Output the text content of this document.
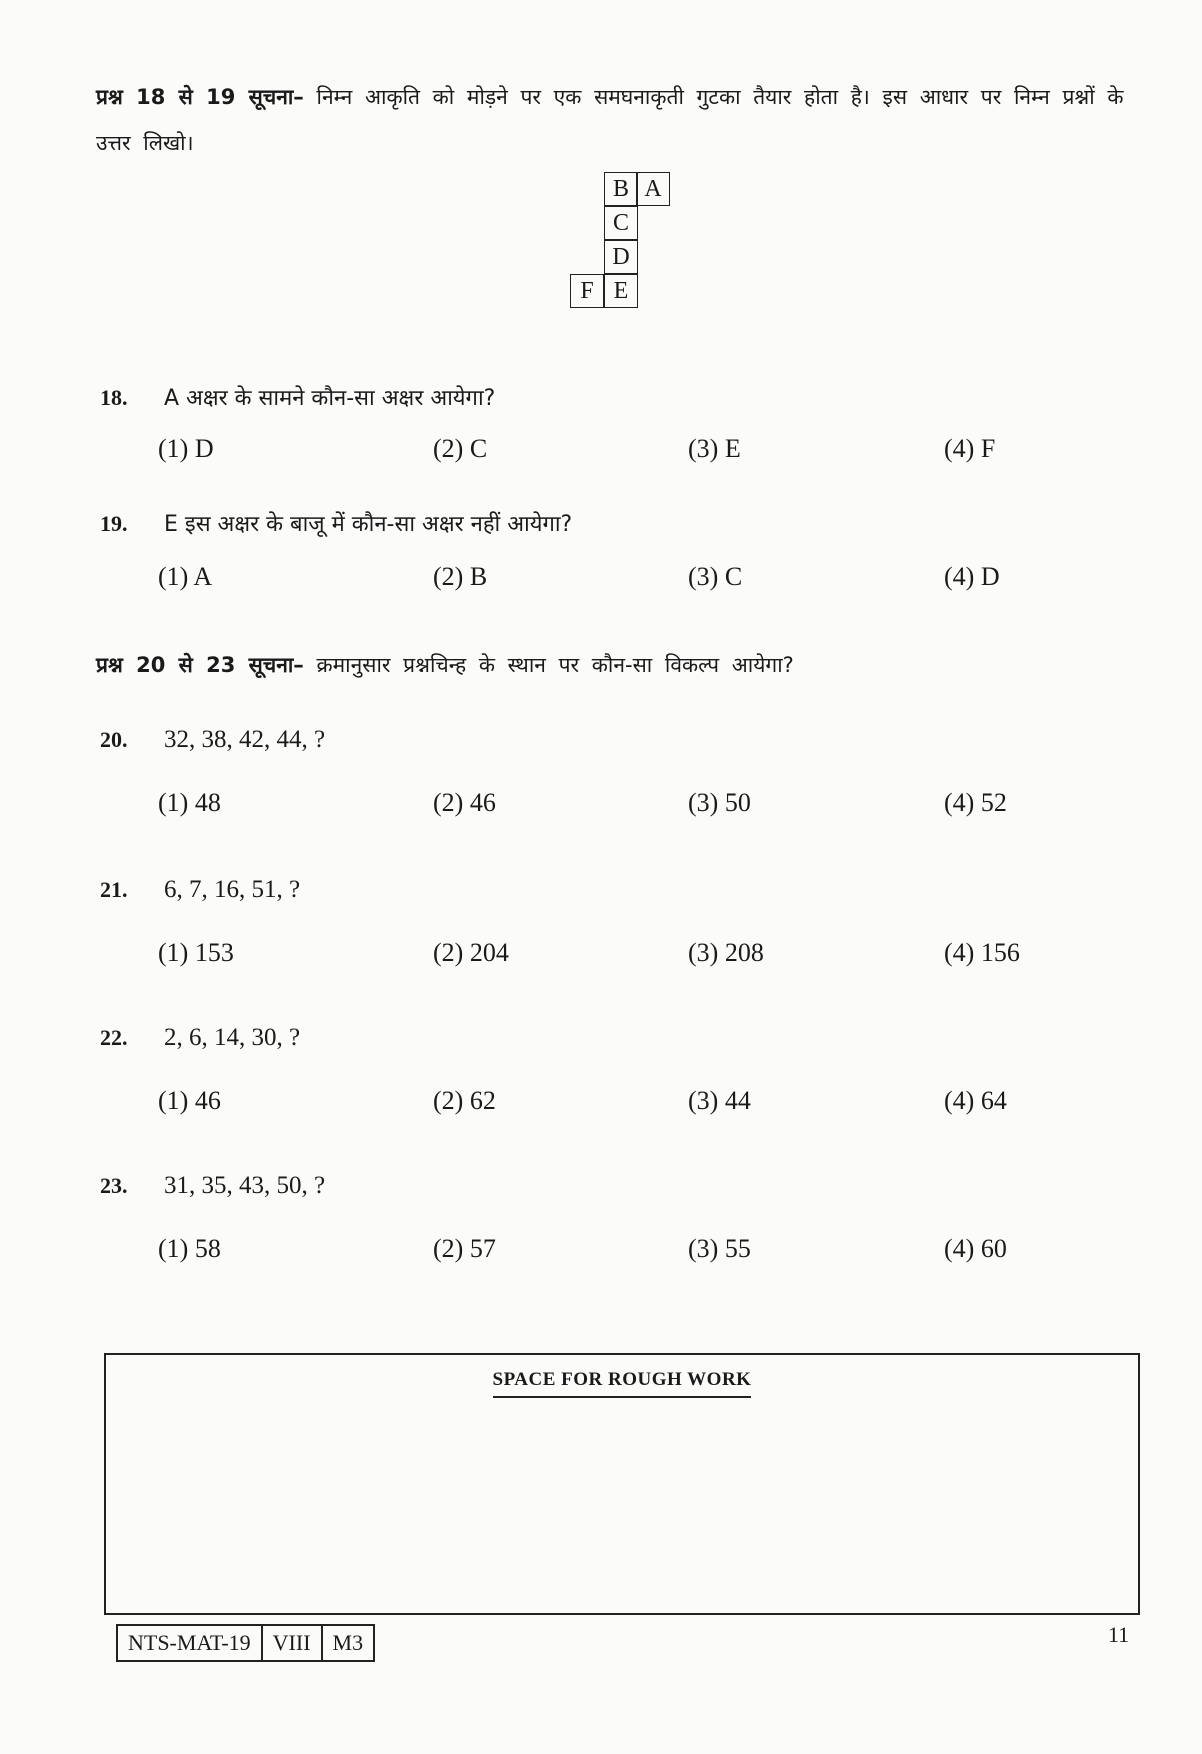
प्रश्न 18 से 19 सूचना– निम्न आकृति को मोड़ने पर एक समघनाकृती गुटका तैयार होता है। इस आधार पर निम्न प्रश्नों के उत्तर लिखो।
B A
C
D
F E
18. A अक्षर के सामने कौन-सा अक्षर आयेगा?
(1) D	(2) C	(3) E	(4) F
19. E इस अक्षर के बाजू में कौन-सा अक्षर नहीं आयेगा?
(1) A	(2) B	(3) C	(4) D
प्रश्न 20 से 23 सूचना– क्रमानुसार प्रश्नचिन्ह के स्थान पर कौन-सा विकल्प आयेगा?
20. 32, 38, 42, 44, ?
(1) 48	(2) 46	(3) 50	(4) 52
21. 6, 7, 16, 51, ?
(1) 153	(2) 204	(3) 208	(4) 156
22. 2, 6, 14, 30, ?
(1) 46	(2) 62	(3) 44	(4) 64
23. 31, 35, 43, 50, ?
(1) 58	(2) 57	(3) 55	(4) 60
SPACE FOR ROUGH WORK
NTS-MAT-19	VIII	M3	11
